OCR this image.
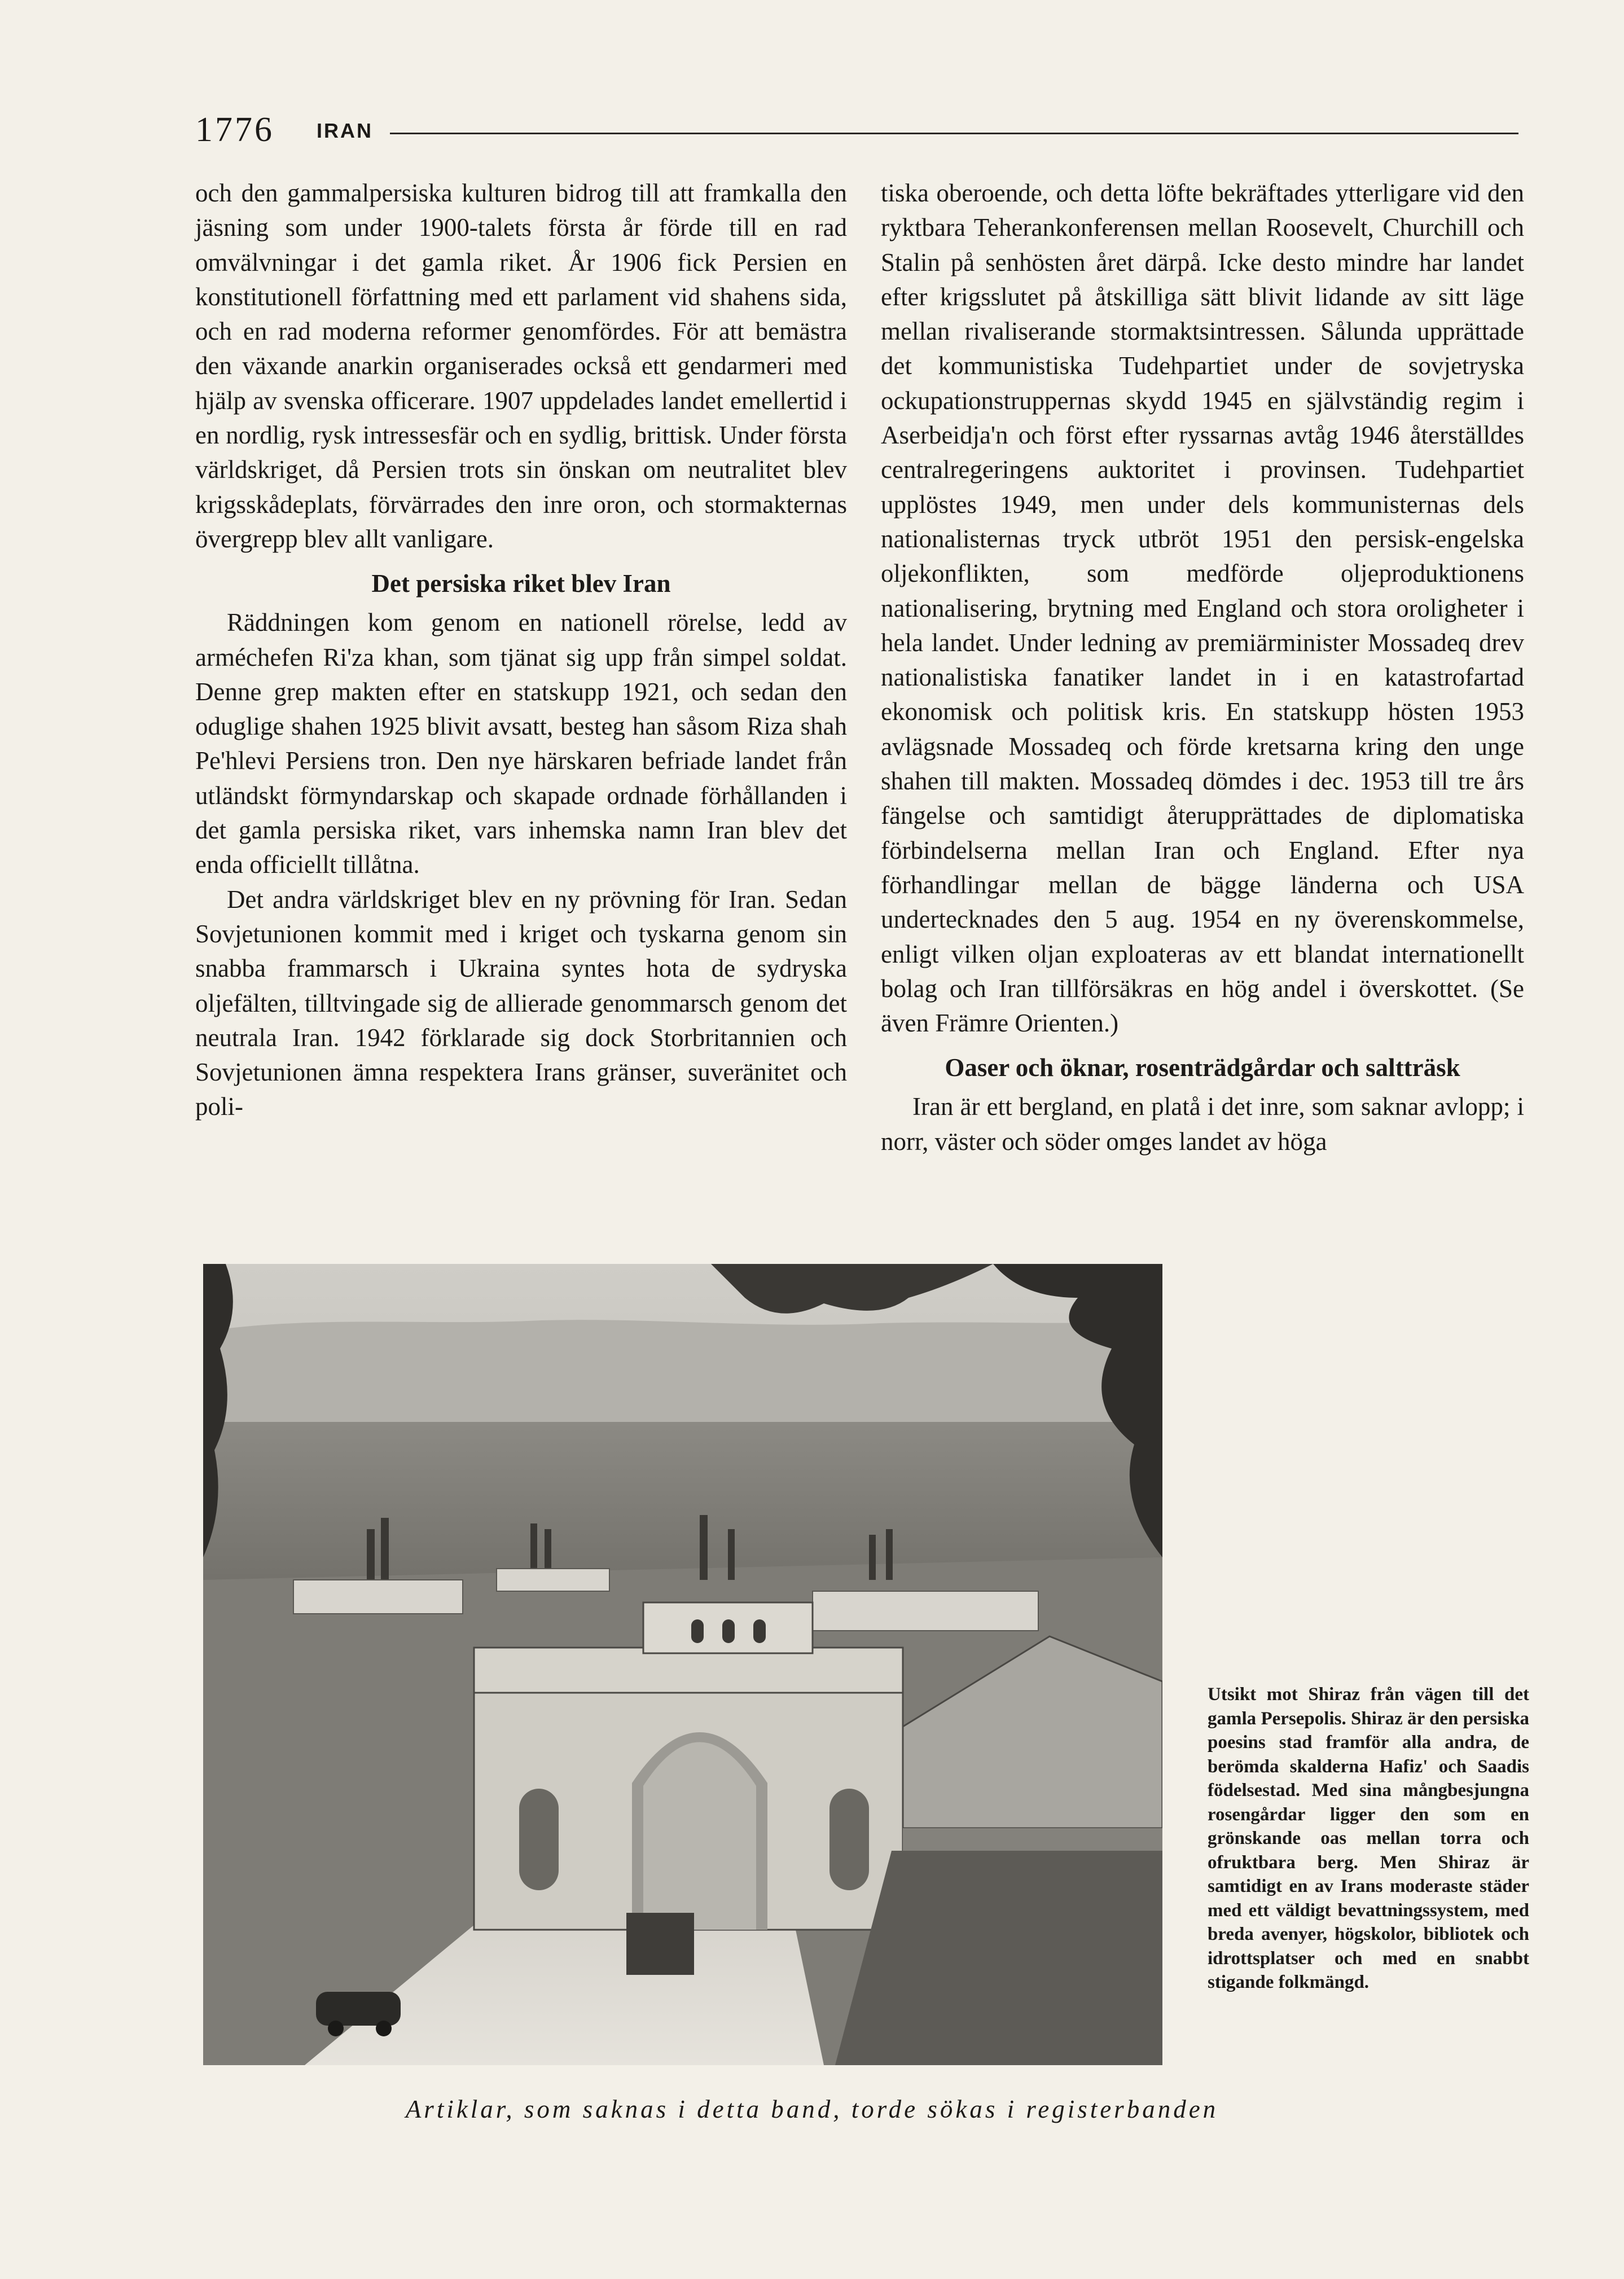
1776 IRAN

och den gammalpersiska kulturen bidrog till att framkalla den jäsning som under 1900-talets första år förde till en rad omvälvningar i det gamla riket. År 1906 fick Persien en konstitutionell författning med ett parlament vid shahens sida, och en rad moderna reformer genomfördes. För att bemästra den växande anarkin organiserades också ett gendarmeri med hjälp av svenska officerare. 1907 uppdelades landet emellertid i en nordlig, rysk intressesfär och en sydlig, brittisk. Under första världskriget, då Persien trots sin önskan om neutralitet blev krigsskådeplats, förvärrades den inre oron, och stormakternas övergrepp blev allt vanligare.

Det persiska riket blev Iran

Räddningen kom genom en nationell rörelse, ledd av arméchefen Ri'za khan, som tjänat sig upp från simpel soldat. Denne grep makten efter en statskupp 1921, och sedan den oduglige shahen 1925 blivit avsatt, besteg han såsom Riza shah Pe'hlevi Persiens tron. Den nye härskaren befriade landet från utländskt förmyndarskap och skapade ordnade förhållanden i det gamla persiska riket, vars inhemska namn Iran blev det enda officiellt tillåtna.

Det andra världskriget blev en ny prövning för Iran. Sedan Sovjetunionen kommit med i kriget och tyskarna genom sin snabba frammarsch i Ukraina syntes hota de sydryska oljefälten, tilltvingade sig de allierade genommarsch genom det neutrala Iran. 1942 förklarade sig dock Storbritannien och Sovjetunionen ämna respektera Irans gränser, suveränitet och poli-

tiska oberoende, och detta löfte bekräftades ytterligare vid den ryktbara Teherankonferensen mellan Roosevelt, Churchill och Stalin på senhösten året därpå. Icke desto mindre har landet efter krigsslutet på åtskilliga sätt blivit lidande av sitt läge mellan rivaliserande stormaktsintressen. Sålunda upprättade det kommunistiska Tudehpartiet under de sovjetryska ockupationstruppernas skydd 1945 en självständig regim i Aserbeidja'n och först efter ryssarnas avtåg 1946 återställdes centralregeringens auktoritet i provinsen. Tudehpartiet upplöstes 1949, men under dels kommunisternas dels nationalisternas tryck utbröt 1951 den persisk-engelska oljekonflikten, som medförde oljeproduktionens nationalisering, brytning med England och stora oroligheter i hela landet. Under ledning av premiärminister Mossadeq drev nationalistiska fanatiker landet in i en katastrofartad ekonomisk och politisk kris. En statskupp hösten 1953 avlägsnade Mossadeq och förde kretsarna kring den unge shahen till makten. Mossadeq dömdes i dec. 1953 till tre års fängelse och samtidigt återupprättades de diplomatiska förbindelserna mellan Iran och England. Efter nya förhandlingar mellan de bägge länderna och USA undertecknades den 5 aug. 1954 en ny överenskommelse, enligt vilken oljan exploateras av ett blandat internationellt bolag och Iran tillförsäkras en hög andel i överskottet. (Se även Främre Orienten.)

Oaser och öknar, rosenträdgårdar och saltträsk

Iran är ett bergland, en platå i det inre, som saknar avlopp; i norr, väster och söder omges landet av höga

Utsikt mot Shiraz från vägen till det gamla Persepolis. Shiraz är den persiska poesins stad framför alla andra, de berömda skalderna Hafiz' och Saadis födelsestad. Med sina mångbesjungna rosengårdar ligger den som en grönskande oas mellan torra och ofruktbara berg. Men Shiraz är samtidigt en av Irans moderaste städer med ett väldigt bevattningssystem, med breda avenyer, högskolor, bibliotek och idrottsplatser och med en snabbt stigande folkmängd.
Artiklar, som saknas i detta band, torde sökas i registerbanden
